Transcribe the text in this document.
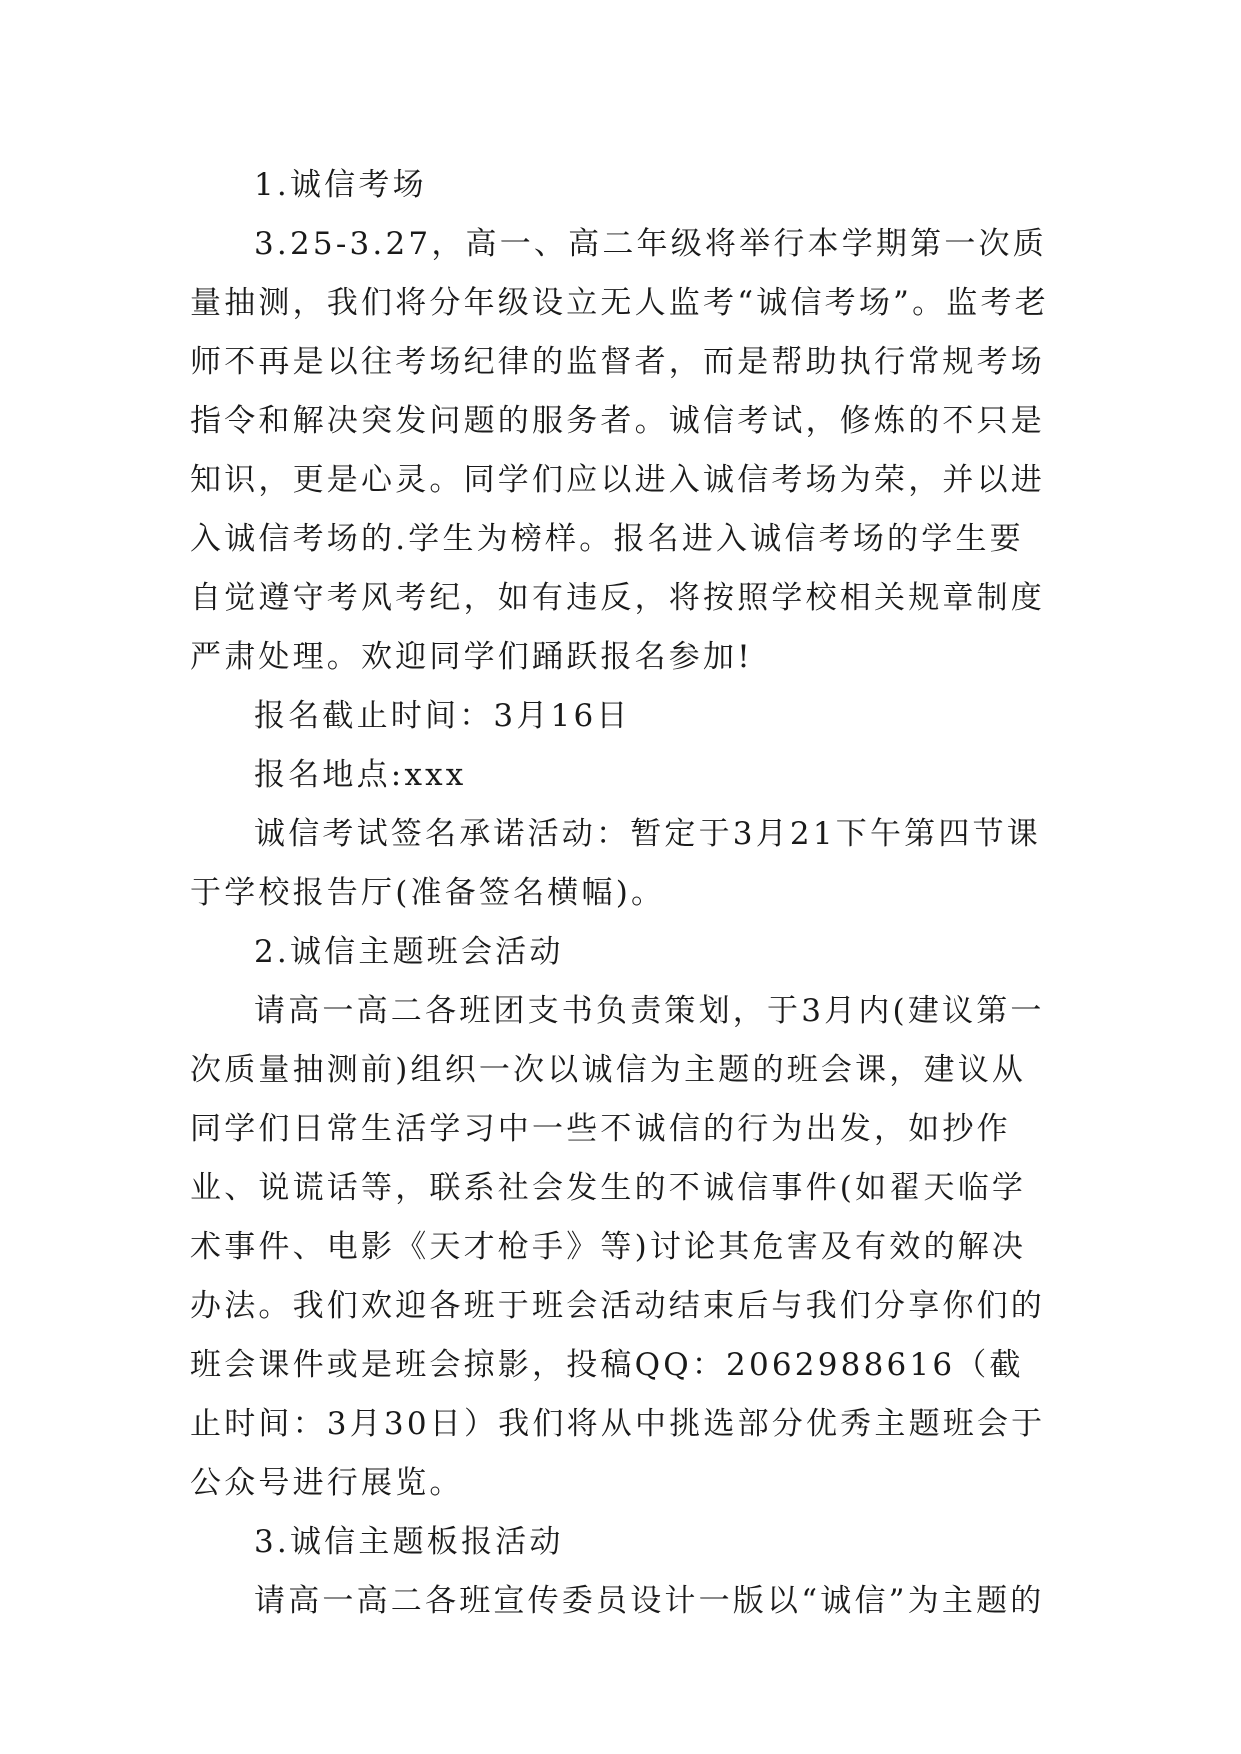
1.诚信考场

3.25-3.27，高一、高二年级将举行本学期第一次质量抽测，我们将分年级设立无人监考“诚信考场”。监考老师不再是以往考场纪律的监督者，而是帮助执行常规考场指令和解决突发问题的服务者。诚信考试，修炼的不只是知识，更是心灵。同学们应以进入诚信考场为荣，并以进入诚信考场的.学生为榜样。报名进入诚信考场的学生要自觉遵守考风考纪，如有违反，将按照学校相关规章制度严肃处理。欢迎同学们踊跃报名参加!

报名截止时间：3月16日

报名地点:xxx

诚信考试签名承诺活动：暂定于3月21下午第四节课于学校报告厅(准备签名横幅)。

2.诚信主题班会活动

请高一高二各班团支书负责策划，于3月内(建议第一次质量抽测前)组织一次以诚信为主题的班会课，建议从同学们日常生活学习中一些不诚信的行为出发，如抄作业、说谎话等，联系社会发生的不诚信事件(如翟天临学术事件、电影《天才枪手》等)讨论其危害及有效的解决办法。我们欢迎各班于班会活动结束后与我们分享你们的班会课件或是班会掠影，投稿QQ：2062988616（截止时间：3月30日）我们将从中挑选部分优秀主题班会于公众号进行展览。

3.诚信主题板报活动

请高一高二各班宣传委员设计一版以“诚信”为主题的
